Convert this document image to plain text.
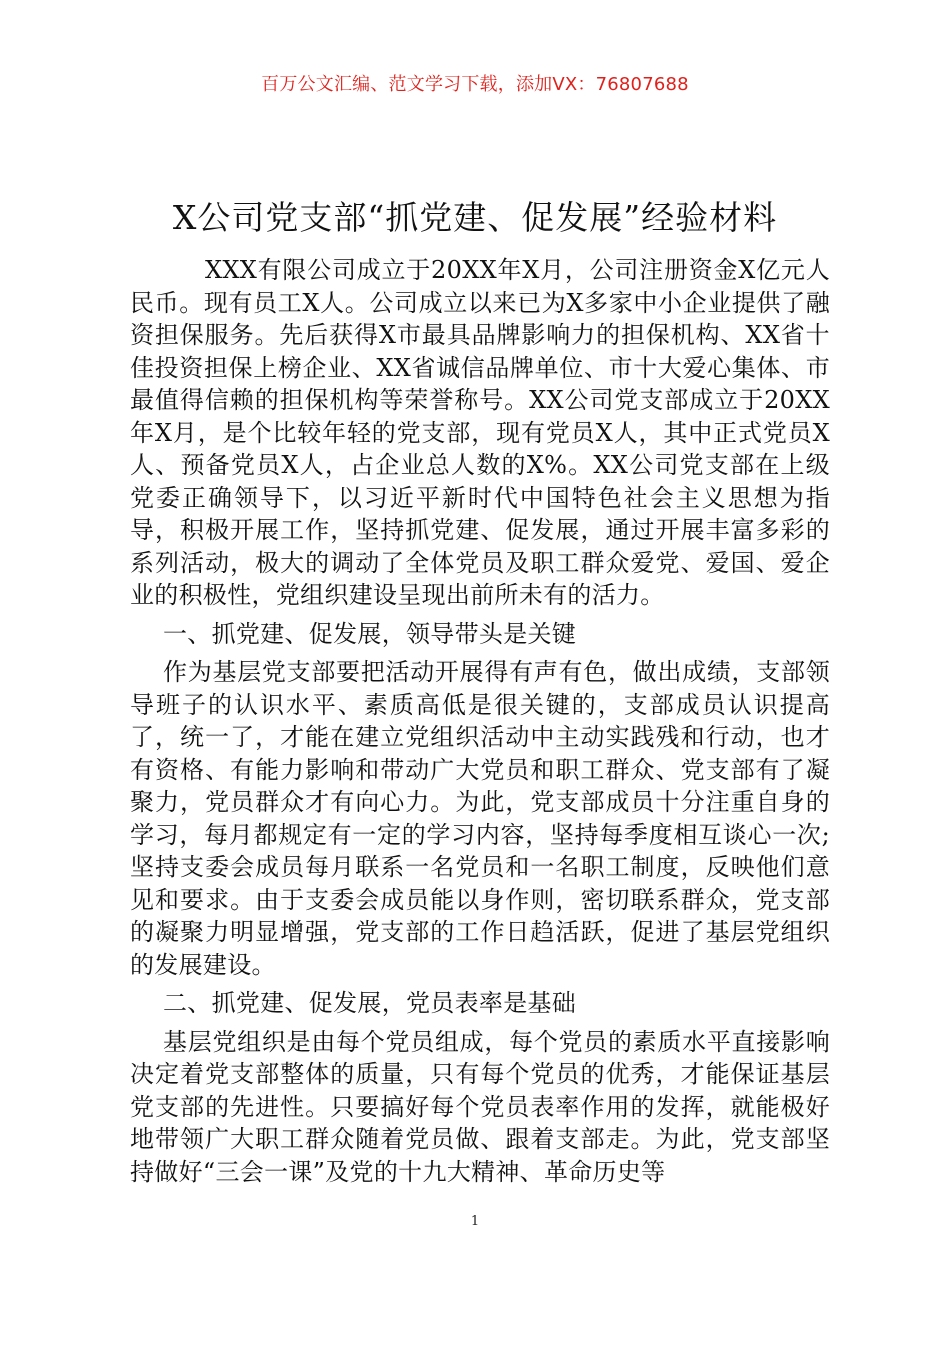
百万公文汇编、范文学习下载，添加VX：76807688
X公司党支部“抓党建、促发展”经验材料

XXX有限公司成立于20XX年X月，公司注册资金X亿元人民币。现有员工X人。公司成立以来已为X多家中小企业提供了融资担保服务。先后获得X市最具品牌影响力的担保机构、XX省十佳投资担保上榜企业、XX省诚信品牌单位、市十大爱心集体、市最值得信赖的担保机构等荣誉称号。XX公司党支部成立于20XX年X月，是个比较年轻的党支部，现有党员X人，其中正式党员X人、预备党员X人，占企业总人数的X%。XX公司党支部在上级党委正确领导下，以习近平新时代中国特色社会主义思想为指导，积极开展工作，坚持抓党建、促发展，通过开展丰富多彩的系列活动，极大的调动了全体党员及职工群众爱党、爱国、爱企业的积极性，党组织建设呈现出前所未有的活力。

一、抓党建、促发展，领导带头是关键

作为基层党支部要把活动开展得有声有色，做出成绩，支部领导班子的认识水平、素质高低是很关键的，支部成员认识提高了，统一了，才能在建立党组织活动中主动实践残和行动，也才有资格、有能力影响和带动广大党员和职工群众、党支部有了凝聚力，党员群众才有向心力。为此，党支部成员十分注重自身的学习，每月都规定有一定的学习内容，坚持每季度相互谈心一次;坚持支委会成员每月联系一名党员和一名职工制度，反映他们意见和要求。由于支委会成员能以身作则，密切联系群众，党支部的凝聚力明显增强，党支部的工作日趋活跃，促进了基层党组织的发展建设。

二、抓党建、促发展，党员表率是基础

基层党组织是由每个党员组成，每个党员的素质水平直接影响决定着党支部整体的质量，只有每个党员的优秀，才能保证基层党支部的先进性。只要搞好每个党员表率作用的发挥，就能极好地带领广大职工群众随着党员做、跟着支部走。为此，党支部坚持做好“三会一课”及党的十九大精神、革命历史等

1
